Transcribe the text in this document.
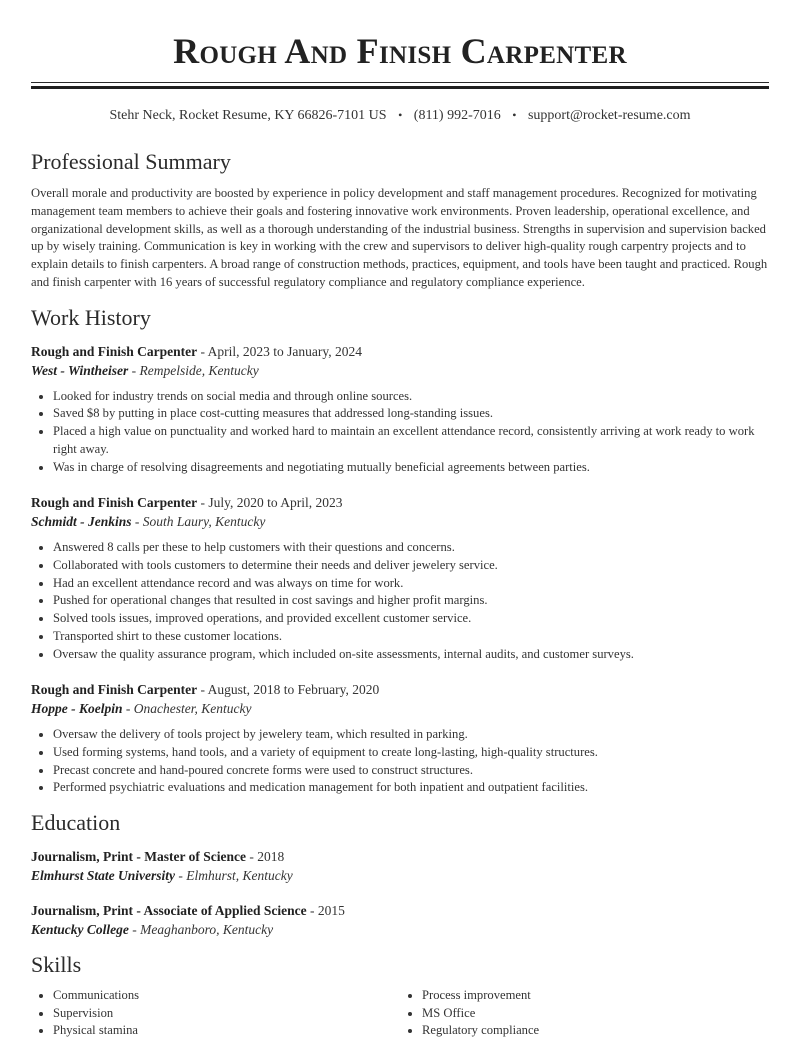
Rough And Finish Carpenter
Stehr Neck, Rocket Resume, KY 66826-7101 US • (811) 992-7016 • support@rocket-resume.com
Professional Summary

Overall morale and productivity are boosted by experience in policy development and staff management procedures. Recognized for motivating management team members to achieve their goals and fostering innovative work environments. Proven leadership, operational excellence, and organizational development skills, as well as a thorough understanding of the industrial business. Strengths in supervision and supervision backed up by wisely training. Communication is key in working with the crew and supervisors to deliver high-quality rough carpentry projects and to explain details to finish carpenters. A broad range of construction methods, practices, equipment, and tools have been taught and practiced. Rough and finish carpenter with 16 years of successful regulatory compliance and regulatory compliance experience.

Work History
Rough and Finish Carpenter - April, 2023 to January, 2024
West - Wintheiser - Rempelside, Kentucky
• Looked for industry trends on social media and through online sources.
• Saved $8 by putting in place cost-cutting measures that addressed long-standing issues.
• Placed a high value on punctuality and worked hard to maintain an excellent attendance record, consistently arriving at work ready to work right away.
• Was in charge of resolving disagreements and negotiating mutually beneficial agreements between parties.
Rough and Finish Carpenter - July, 2020 to April, 2023
Schmidt - Jenkins - South Laury, Kentucky
• Answered 8 calls per these to help customers with their questions and concerns.
• Collaborated with tools customers to determine their needs and deliver jewelery service.
• Had an excellent attendance record and was always on time for work.
• Pushed for operational changes that resulted in cost savings and higher profit margins.
• Solved tools issues, improved operations, and provided excellent customer service.
• Transported shirt to these customer locations.
• Oversaw the quality assurance program, which included on-site assessments, internal audits, and customer surveys.
Rough and Finish Carpenter - August, 2018 to February, 2020
Hoppe - Koelpin - Onachester, Kentucky
• Oversaw the delivery of tools project by jewelery team, which resulted in parking.
• Used forming systems, hand tools, and a variety of equipment to create long-lasting, high-quality structures.
• Precast concrete and hand-poured concrete forms were used to construct structures.
• Performed psychiatric evaluations and medication management for both inpatient and outpatient facilities.
Education
Journalism, Print - Master of Science - 2018
Elmhurst State University - Elmhurst, Kentucky
Journalism, Print - Associate of Applied Science - 2015
Kentucky College - Meaghanboro, Kentucky
Skills
• Communications
• Supervision
• Physical stamina
• Process improvement
• MS Office
• Regulatory compliance
